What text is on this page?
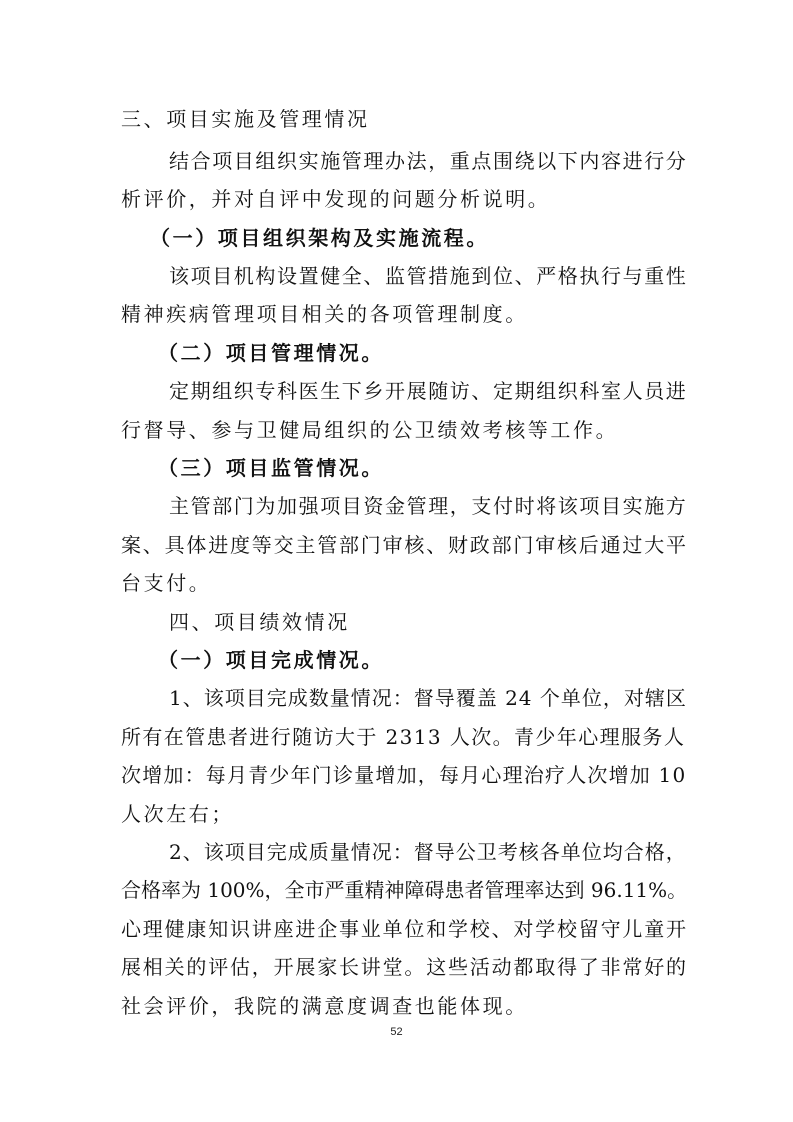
三、项目实施及管理情况
结合项目组织实施管理办法，重点围绕以下内容进行分
析评价，并对自评中发现的问题分析说明。
（一）项目组织架构及实施流程。
该项目机构设置健全、监管措施到位、严格执行与重性
精神疾病管理项目相关的各项管理制度。
（二）项目管理情况。
定期组织专科医生下乡开展随访、定期组织科室人员进
行督导、参与卫健局组织的公卫绩效考核等工作。
（三）项目监管情况。
主管部门为加强项目资金管理，支付时将该项目实施方
案、具体进度等交主管部门审核、财政部门审核后通过大平
台支付。
四、项目绩效情况
（一）项目完成情况。
1、该项目完成数量情况：督导覆盖 24 个单位，对辖区
所有在管患者进行随访大于 2313 人次。青少年心理服务人
次增加：每月青少年门诊量增加，每月心理治疗人次增加 10
人次左右；
2、该项目完成质量情况：督导公卫考核各单位均合格，
合格率为 100%，全市严重精神障碍患者管理率达到 96.11%。
心理健康知识讲座进企事业单位和学校、对学校留守儿童开
展相关的评估，开展家长讲堂。这些活动都取得了非常好的
社会评价，我院的满意度调查也能体现。
52
